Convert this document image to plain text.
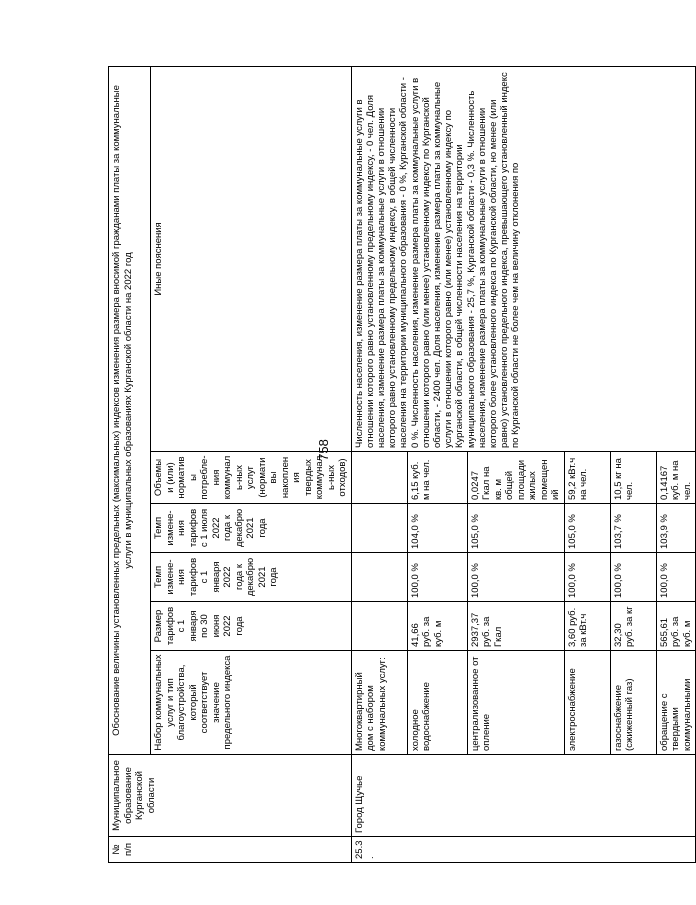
758
№ п/п	Муниципальное образование Курганской области	Обоснование величины установленных предельных (максимальных) индексов изменения размера вносимой гражданами платы за коммунальные услуги в муниципальных образованиях Курганской области на 2022 год					
		Набор коммунальных услуг и тип благоустройства, который соответствует значение предельного индекса	Размер тарифов с 1 января по 30 июня 2022 года	Темп измене-ния тарифов с 1 января 2022 года к декабрю 2021 года	Темп измене-ния тарифов с 1 июля 2022 года к декабрю 2021 года	Объемы и (или) нормативы потребле-ния коммуналь-ных услуг (нормативы накопления твердых коммуналь-ных отходов)	Иные пояснения
25.3.	Город Щучье	Многоквартирный дом с набором коммунальных услуг:					Численность населения, изменение размера платы за коммунальные услуги в отношении которого равно установленному предельному индексу, - 0 чел. Доля населения, изменение размера платы за коммунальные услуги в отношении которого равно установленному предельному индексу, в общей численности населения на территории муниципального образования - 0 %, Курганской области - 0 %. Численность населения, изменение размера платы за коммунальные услуги в отношении которого равно (или менее) установленному индексу по Курганской области, - 2400 чел. Доля населения, изменение размера платы за коммунальные услуги в отношении которого равно (или менее) установленному индексу по Курганской области, в общей численности населения на территории муниципального образования - 25,7 %, Курганской области - 0,3 %. Численность населения, изменение размера платы за коммунальные услуги в отношении которого более установленного индекса по Курганской области, но менее (или равно) установленного предельного индекса, превышающего установленный индекс по Курганской области не более чем на величину отклонения по
		холодное водоснабжение	41,66 руб. за куб. м	100,0 %	104,0 %	6,15 куб. м на чел.	
		централизованное отопление	2937,37 руб. за Гкал	100,0 %	105,0 %	0,0247 Гкал на кв. м общей площади жилых помещений	
		электроснабжение	3,60 руб. за кВт.ч	100,0 %	105,0 %	59,2 кВт.ч на чел.	
		газоснабжение (сжиженный газ)	32,30 руб. за кг	100,0 %	103,7 %	10,5 кг на чел.	
		обращение с твердыми коммунальными	565,61 руб. за куб. м	100,0 %	103,9 %	0,14167 куб. м на чел.	
